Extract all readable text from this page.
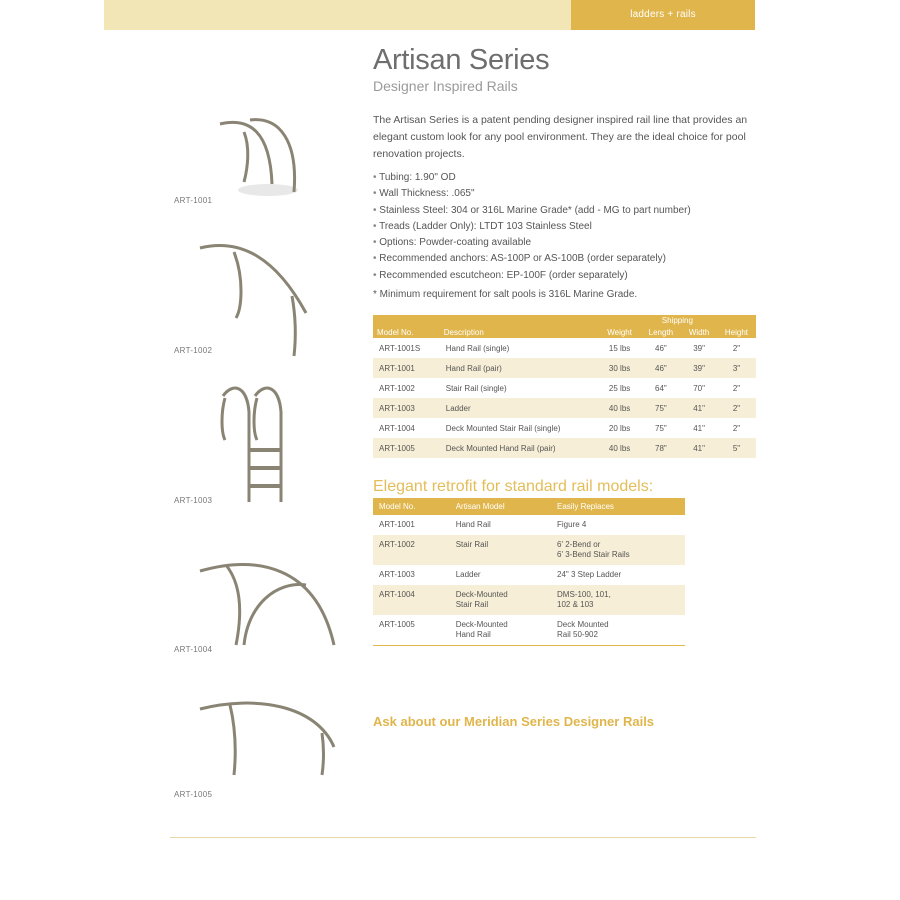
ladders + rails
ART-1001
ART-1002
ART-1003
ART-1004
ART-1005
Artisan Series
Designer Inspired Rails
The Artisan Series is a patent pending designer inspired rail line that provides an elegant custom look for any pool environment. They are the ideal choice for pool renovation projects.
• Tubing: 1.90" OD
• Wall Thickness: .065"
• Stainless Steel: 304 or 316L Marine Grade* (add - MG to part number)
• Treads (Ladder Only): LTDT 103 Stainless Steel
• Options: Powder-coating available
• Recommended anchors: AS-100P or AS-100B (order separately)
• Recommended escutcheon: EP-100F (order separately)
* Minimum requirement for salt pools is 316L Marine Grade.
		Shipping			
Model No.	Description	Weight	Length	Width	Height
ART-1001S	Hand Rail (single)	15 lbs	46"	39"	2"
ART-1001	Hand Rail (pair)	30 lbs	46"	39"	3"
ART-1002	Stair Rail (single)	25 lbs	64"	70"	2"
ART-1003	Ladder	40 lbs	75"	41"	2"
ART-1004	Deck Mounted Stair Rail (single)	20 lbs	75"	41"	2"
ART-1005	Deck Mounted Hand Rail (pair)	40 lbs	78"	41"	5"
Elegant retrofit for standard rail models:
Model No.	Artisan Model	Easily Replaces
ART-1001	Hand Rail	Figure 4
ART-1002	Stair Rail	6' 2-Bend or
6' 3-Bend Stair Rails
ART-1003	Ladder	24" 3 Step Ladder
ART-1004	Deck-Mounted
Stair Rail	DMS-100, 101,
102 & 103
ART-1005	Deck-Mounted
Hand Rail	Deck Mounted
Rail 50-902
Ask about our Meridian Series Designer Rails
